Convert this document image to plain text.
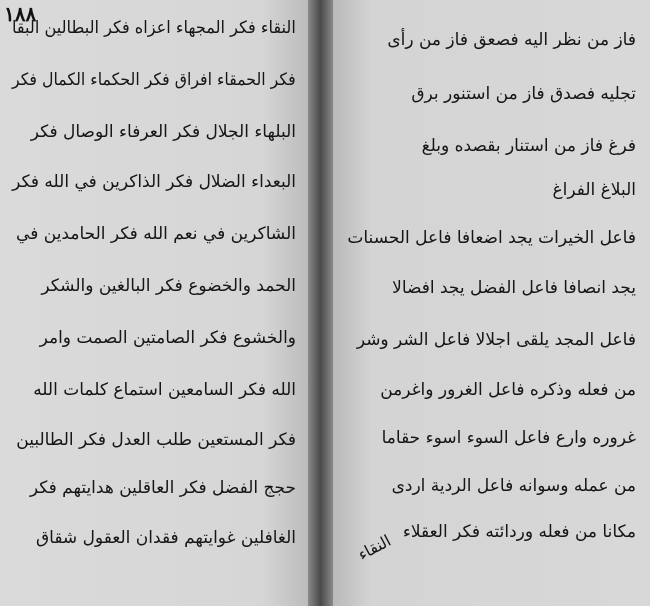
١٨٨
النقاء فكر المجهاء اعزاه فكر البطالين البقا
فكر الحمقاء افراق فكر الحكماء الكمال فكر
البلهاء الجلال فكر العرفاء الوصال فكر
البعداء الضلال فكر الذاكرين في الله فكر
الشاكرين في نعم الله فكر الحامدين في
الحمد والخضوع فكر البالغين والشكر
والخشوع فكر الصامتين الصمت وامر
الله فكر السامعين استماع كلمات الله
فكر المستعين طلب العدل فكر الطالبين
حجج الفضل فكر العاقلين هدايتهم فكر
الغافلين غوايتهم فقدان العقول شقاق
فاز من نظر اليه فصعق فاز من رأى
تجليه فصدق فاز من استنور برق
فرغ فاز من استنار بقصده وبلغ
البلاغ الفراغ
فاعل الخيرات يجد اضعافا فاعل الحسنات
يجد انصافا فاعل الفضل يجد افضالا
فاعل المجد يلقى اجلالا فاعل الشر وشر
من فعله وذكره فاعل الغرور واغرمن
غروره وارع فاعل السوء اسوء حقاما
من عمله وسوانه فاعل الردية اردى
مكانا من فعله وردائته فكر العقلاء
النقاء
